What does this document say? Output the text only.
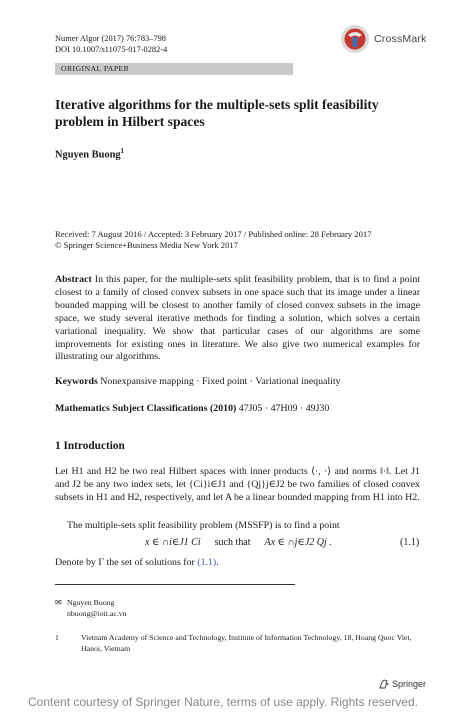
Numer Algor (2017) 76:783–798
DOI 10.1007/s11075-017-0282-4
CrossMark
ORIGINAL PAPER
Iterative algorithms for the multiple-sets split feasibility problem in Hilbert spaces
Nguyen Buong$^1$
Received: 7 August 2016 / Accepted: 3 February 2017 / Published online: 28 February 2017
© Springer Science+Business Media New York 2017
Abstract In this paper, for the multiple-sets split feasibility problem, that is to find a point closest to a family of closed convex subsets in one space such that its image under a linear bounded mapping will be closest to another family of closed convex subsets in the image space, we study several iterative methods for finding a solution, which solves a certain variational inequality. We show that particular cases of our algorithms are some improvements for existing ones in literature. We also give two numerical examples for illustrating our algorithms.
Keywords Nonexpansive mapping · Fixed point · Variational inequality
Mathematics Subject Classifications (2010) 47J05 · 47H09 · 49J30
1 Introduction
Let H1 and H2 be two real Hilbert spaces with inner products ⟨·, ·⟩ and norms ‖·‖. Let J1 and J2 be any two index sets, let {Ci}i∈J1 and {Qj}j∈J2 be two families of closed convex subsets in H1 and H2, respectively, and let A be a linear bounded mapping from H1 into H2.
The multiple-sets split feasibility problem (MSSFP) is to find a point
x ∈ ∩i∈J1 Ci such that Ax ∈ ∩j∈J2 Qj .	(1.1)
Denote by Γ the set of solutions for (1.1).
✉ Nguyen Buong
nbuong@ioit.ac.vn
1	Vietnam Academy of Science and Technology, Institute of Information Technology, 18, Hoang Quoc Viet, Hanoi, Vietnam
Springer
Content courtesy of Springer Nature, terms of use apply. Rights reserved.
